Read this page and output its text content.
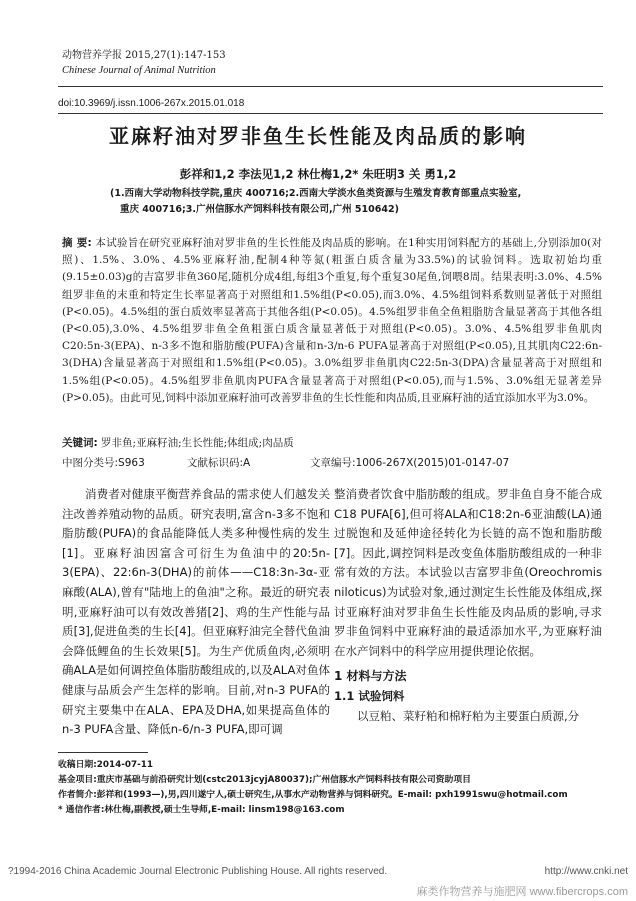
动物营养学报 2015,27(1):147-153
Chinese Journal of Animal Nutrition
doi:10.3969/j.issn.1006-267x.2015.01.018
亚麻籽油对罗非鱼生长性能及肉品质的影响
彭祥和1,2 李法见1,2 林仕梅1,2* 朱旺明3 关 勇1,2
(1.西南大学动物科技学院,重庆 400716;2.西南大学淡水鱼类资源与生殖发育教育部重点实验室,
重庆 400716;3.广州信豚水产饲料科技有限公司,广州 510642)
摘 要: 本试验旨在研究亚麻籽油对罗非鱼的生长性能及肉品质的影响。在1种实用饲料配方的基础上,分别添加0(对照)、1.5%、3.0%、4.5%亚麻籽油,配制4种等氮(粗蛋白质含量为33.5%)的试验饲料。选取初始均重(9.15±0.03)g的吉富罗非鱼360尾,随机分成4组,每组3个重复,每个重复30尾鱼,饲喂8周。结果表明:3.0%、4.5%组罗非鱼的末重和特定生长率显著高于对照组和1.5%组(P<0.05),而3.0%、4.5%组饲料系数则显著低于对照组(P<0.05)。4.5%组的蛋白质效率显著高于其他各组(P<0.05)。4.5%组罗非鱼全鱼粗脂肪含量显著高于其他各组(P<0.05),3.0%、4.5%组罗非鱼全鱼粗蛋白质含量显著低于对照组(P<0.05)。3.0%、4.5%组罗非鱼肌肉C20:5n-3(EPA)、n-3多不饱和脂肪酸(PUFA)含量和n-3/n-6 PUFA显著高于对照组(P<0.05),且其肌肉C22:6n-3(DHA)含量显著高于对照组和1.5%组(P<0.05)。3.0%组罗非鱼肌肉C22:5n-3(DPA)含量显著高于对照组和1.5%组(P<0.05)。4.5%组罗非鱼肌肉PUFA含量显著高于对照组(P<0.05),而与1.5%、3.0%组无显著差异(P>0.05)。由此可见,饲料中添加亚麻籽油可改善罗非鱼的生长性能和肉品质,且亚麻籽油的适宜添加水平为3.0%。
关键词: 罗非鱼;亚麻籽油;生长性能;体组成;肉品质
中图分类号:S963	文献标识码:A	文章编号:1006-267X(2015)01-0147-07

消费者对健康平衡营养食品的需求使人们越发关注改善养殖动物的品质。研究表明,富含n-3多不饱和脂肪酸(PUFA)的食品能降低人类多种慢性病的发生[1]。亚麻籽油因富含可衍生为鱼油中的20:5n-3(EPA)、22:6n-3(DHA)的前体——C18:3n-3α-亚麻酸(ALA),曾有"陆地上的鱼油"之称。最近的研究表明,亚麻籽油可以有效改善猪[2]、鸡的生产性能与品质[3],促进鱼类的生长[4]。但亚麻籽油完全替代鱼油会降低鲤鱼的生长效果[5]。为生产优质鱼肉,必须明确ALA是如何调控鱼体脂肪酸组成的,以及ALA对鱼体健康与品质会产生怎样的影响。目前,对n-3 PUFA的研究主要集中在ALA、EPA及DHA,如果提高鱼体的n-3 PUFA含量、降低n-6/n-3 PUFA,即可调

整消费者饮食中脂肪酸的组成。罗非鱼自身不能合成C18 PUFA[6],但可将ALA和C18:2n-6亚油酸(LA)通过脱饱和及延伸途径转化为长链的高不饱和脂肪酸[7]。因此,调控饲料是改变鱼体脂肪酸组成的一种非常有效的方法。本试验以吉富罗非鱼(Oreochromis niloticus)为试验对象,通过测定生长性能及体组成,探讨亚麻籽油对罗非鱼生长性能及肉品质的影响,寻求罗非鱼饲料中亚麻籽油的最适添加水平,为亚麻籽油在水产饲料中的科学应用提供理论依据。

1 材料与方法
1.1 试验饲料

以豆粕、菜籽粕和棉籽粕为主要蛋白质源,分

收稿日期:2014-07-11
基金项目:重庆市基础与前沿研究计划(cstc2013jcyjA80037);广州信豚水产饲料科技有限公司资助项目
作者简介:彭祥和(1993—),男,四川遂宁人,硕士研究生,从事水产动物营养与饲料研究。E-mail: pxh1991swu@hotmail.com
* 通信作者:林仕梅,副教授,硕士生导师,E-mail: linsm198@163.com
?1994-2016 China Academic Journal Electronic Publishing House. All rights reserved.	http://www.cnki.net
麻类作物营养与施肥网 www.fibercrops.com
